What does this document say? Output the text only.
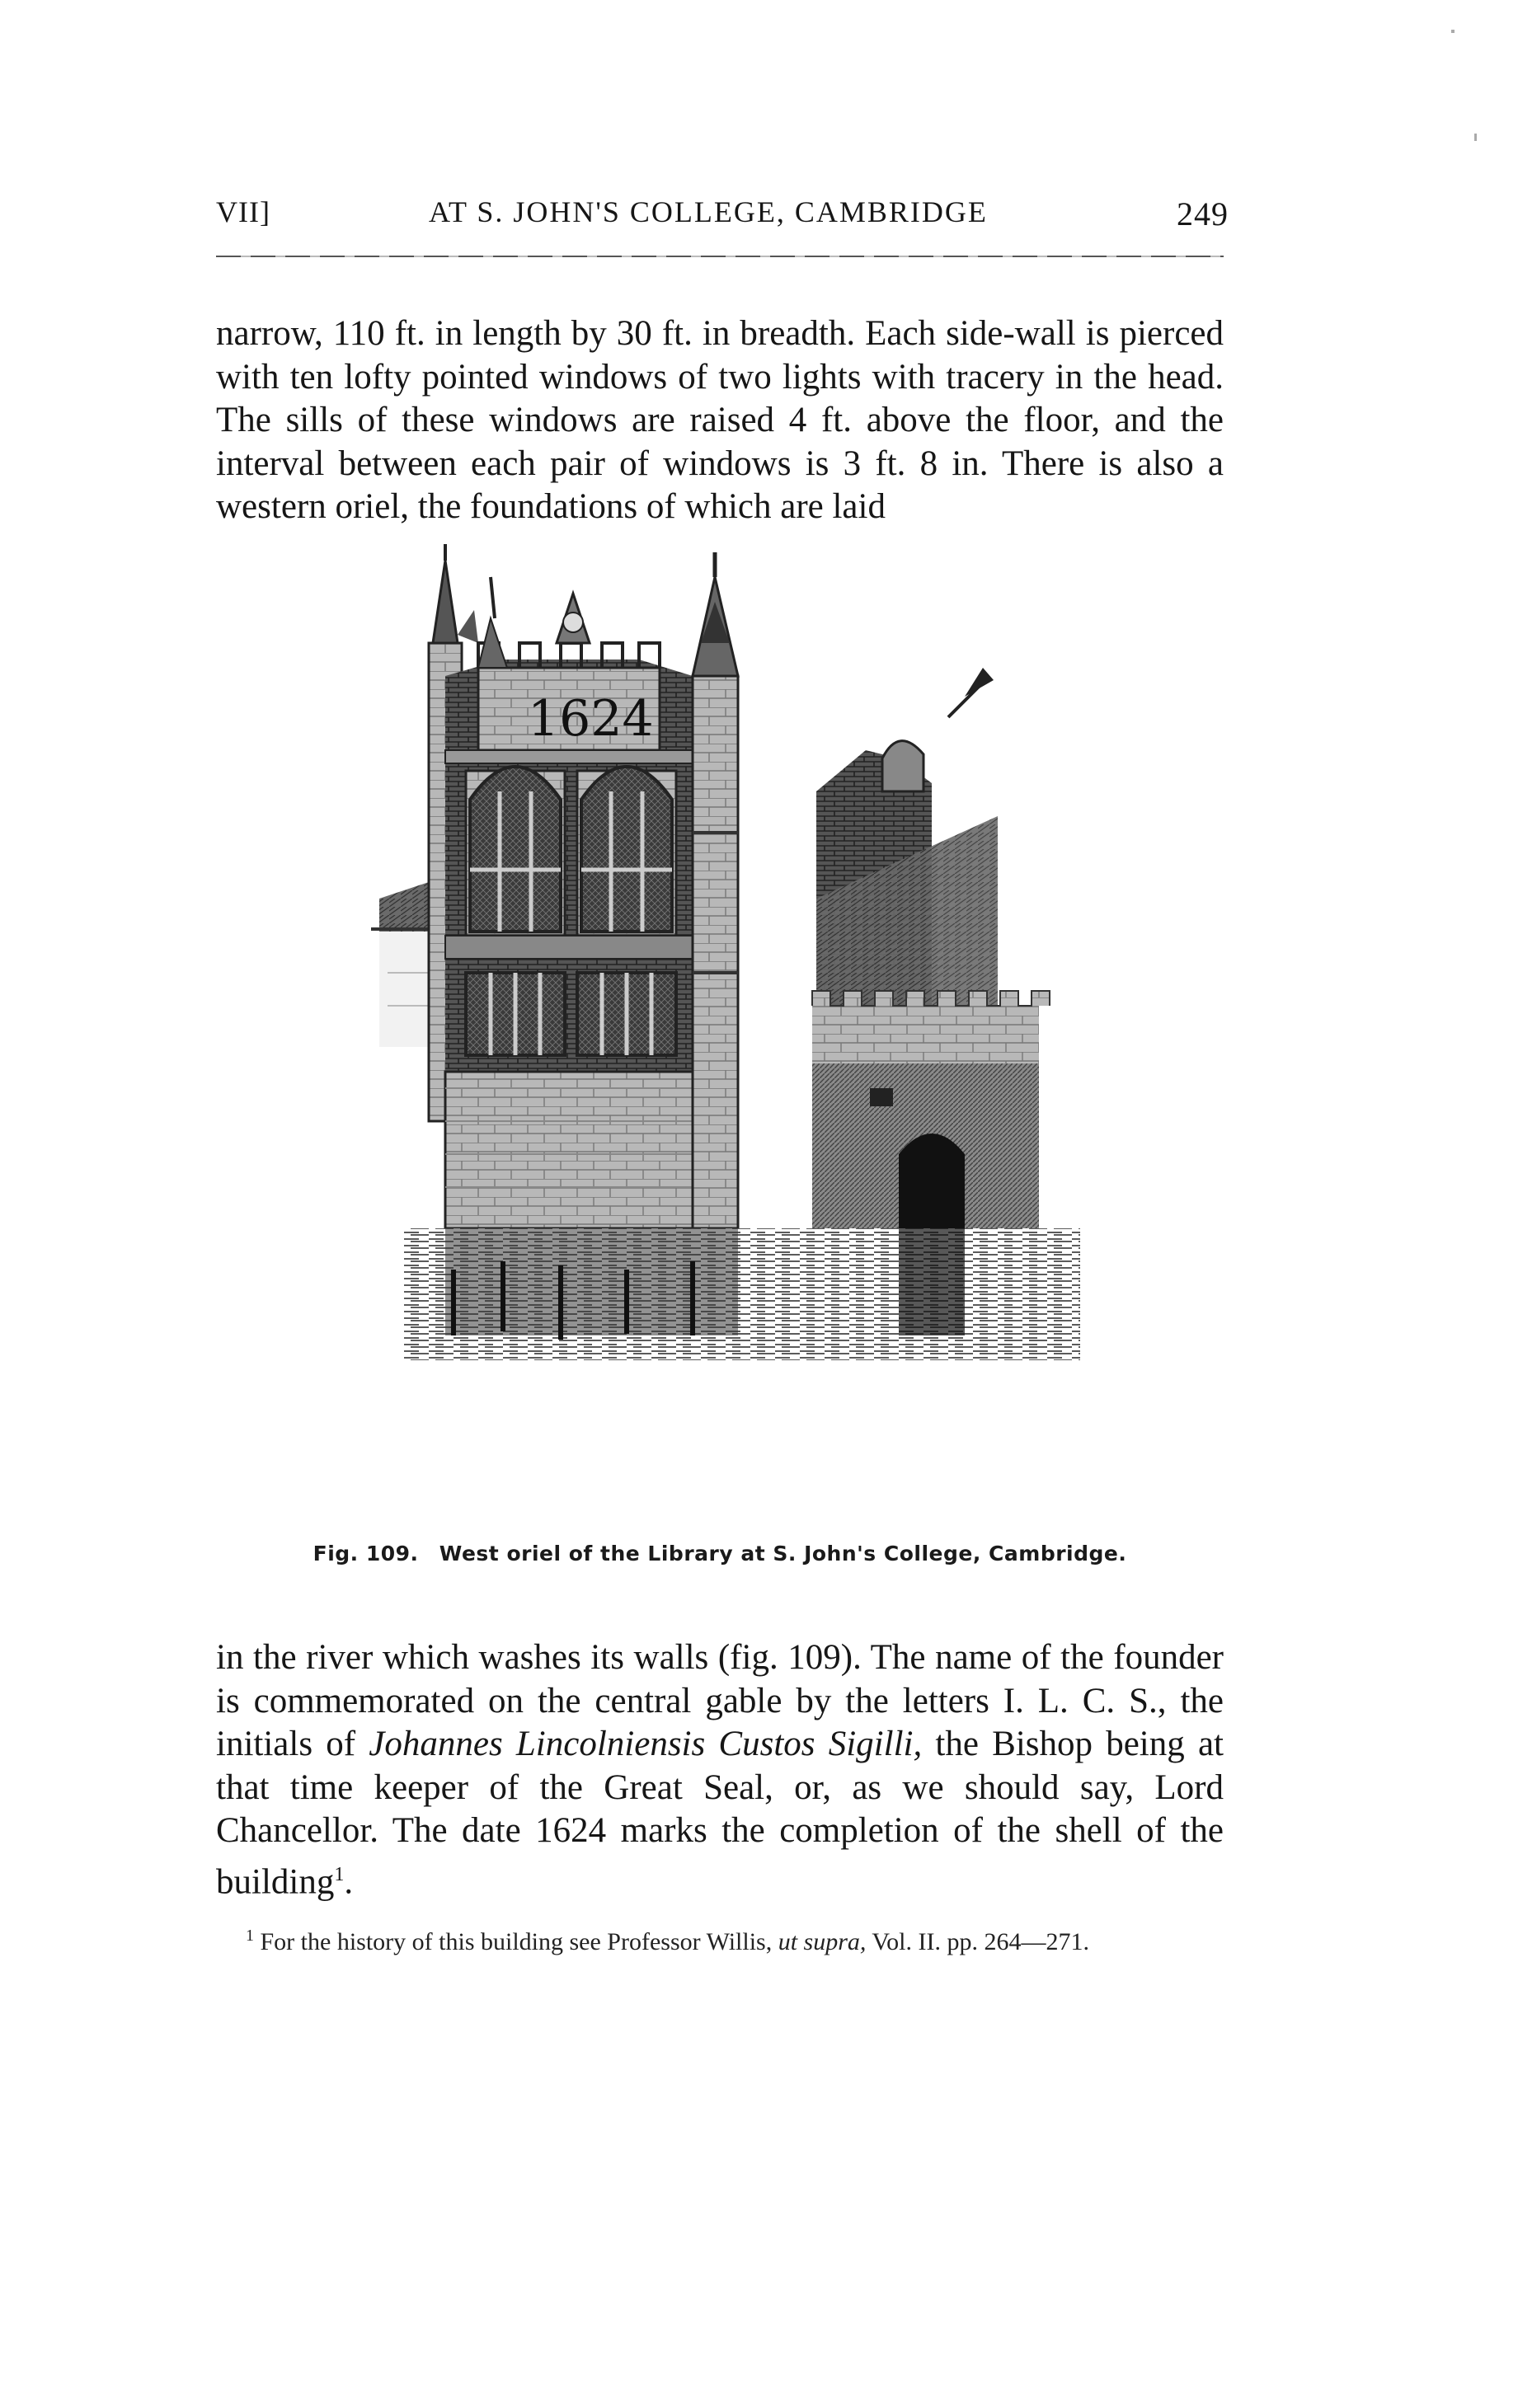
VII]	AT S. JOHN'S COLLEGE, CAMBRIDGE	249

narrow, 110 ft. in length by 30 ft. in breadth. Each side-wall is pierced with ten lofty pointed windows of two lights with tracery in the head. The sills of these windows are raised 4 ft. above the floor, and the interval between each pair of windows is 3 ft. 8 in. There is also a western oriel, the foundations of which are laid

1624
Fig. 109. West oriel of the Library at S. John's College, Cambridge.

in the river which washes its walls (fig. 109). The name of the founder is commemorated on the central gable by the letters I. L. C. S., the initials of Johannes Lincolniensis Custos Sigilli, the Bishop being at that time keeper of the Great Seal, or, as we should say, Lord Chancellor. The date 1624 marks the completion of the shell of the building$^1$.

$^1$ For the history of this building see Professor Willis, ut supra, Vol. II. pp. 264—271.
